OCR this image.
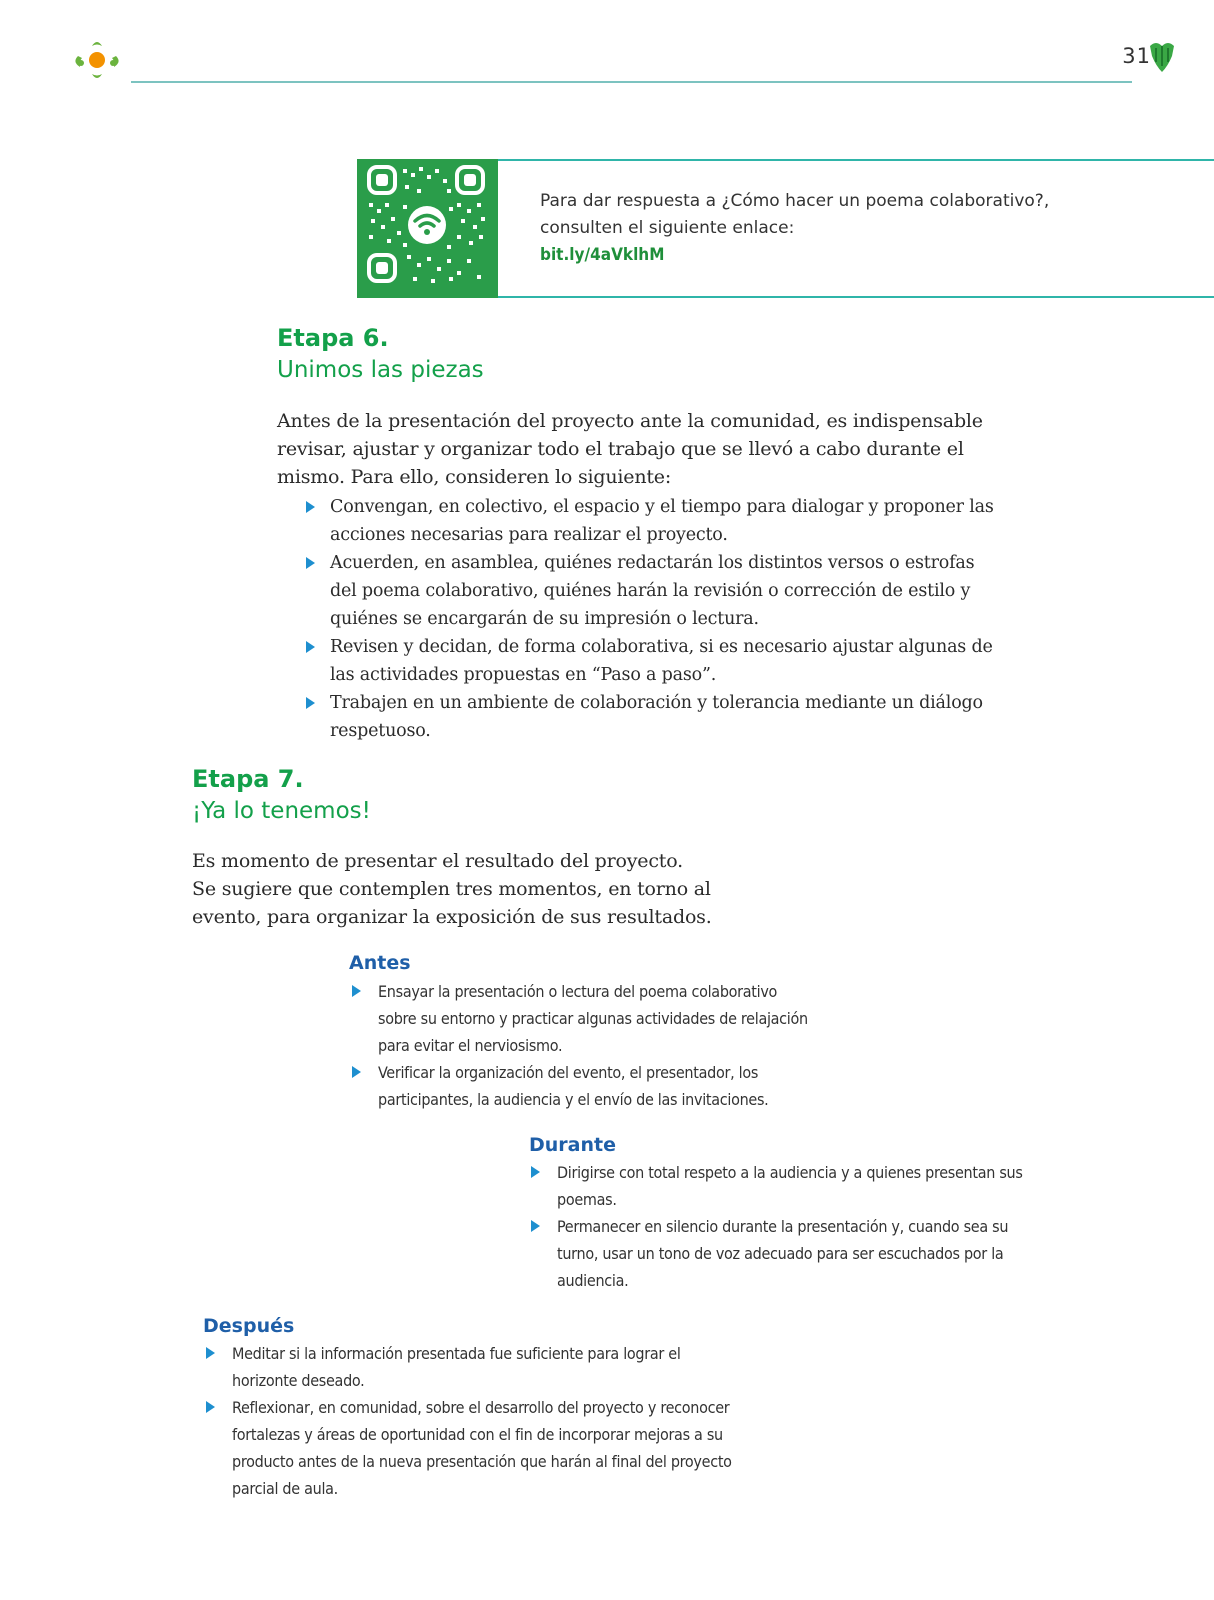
31
Para dar respuesta a ¿Cómo hacer un poema colaborativo?,
consulten el siguiente enlace:
bit.ly/4aVklhM
Etapa 6.
Unimos las piezas
Antes de la presentación del proyecto ante la comunidad, es indispensable revisar, ajustar y organizar todo el trabajo que se llevó a cabo durante el mismo. Para ello, consideren lo siguiente:
Convengan, en colectivo, el espacio y el tiempo para dialogar y proponer las acciones necesarias para realizar el proyecto.
Acuerden, en asamblea, quiénes redactarán los distintos versos o estrofas del poema colaborativo, quiénes harán la revisión o corrección de estilo y quiénes se encargarán de su impresión o lectura.
Revisen y decidan, de forma colaborativa, si es necesario ajustar algunas de las actividades propuestas en “Paso a paso”.
Trabajen en un ambiente de colaboración y tolerancia mediante un diálogo respetuoso.
Etapa 7.
¡Ya lo tenemos!
Es momento de presentar el resultado del proyecto. Se sugiere que contemplen tres momentos, en torno al evento, para organizar la exposición de sus resultados.
Antes
Ensayar la presentación o lectura del poema colaborativo sobre su entorno y practicar algunas actividades de relajación para evitar el nerviosismo.
Verificar la organización del evento, el presentador, los participantes, la audiencia y el envío de las invitaciones.
Durante
Dirigirse con total respeto a la audiencia y a quienes presentan sus poemas.
Permanecer en silencio durante la presentación y, cuando sea su turno, usar un tono de voz adecuado para ser escuchados por la audiencia.
Después
Meditar si la información presentada fue suficiente para lograr el horizonte deseado.
Reflexionar, en comunidad, sobre el desarrollo del proyecto y reconocer fortalezas y áreas de oportunidad con el fin de incorporar mejoras a su producto antes de la nueva presentación que harán al final del proyecto parcial de aula.
